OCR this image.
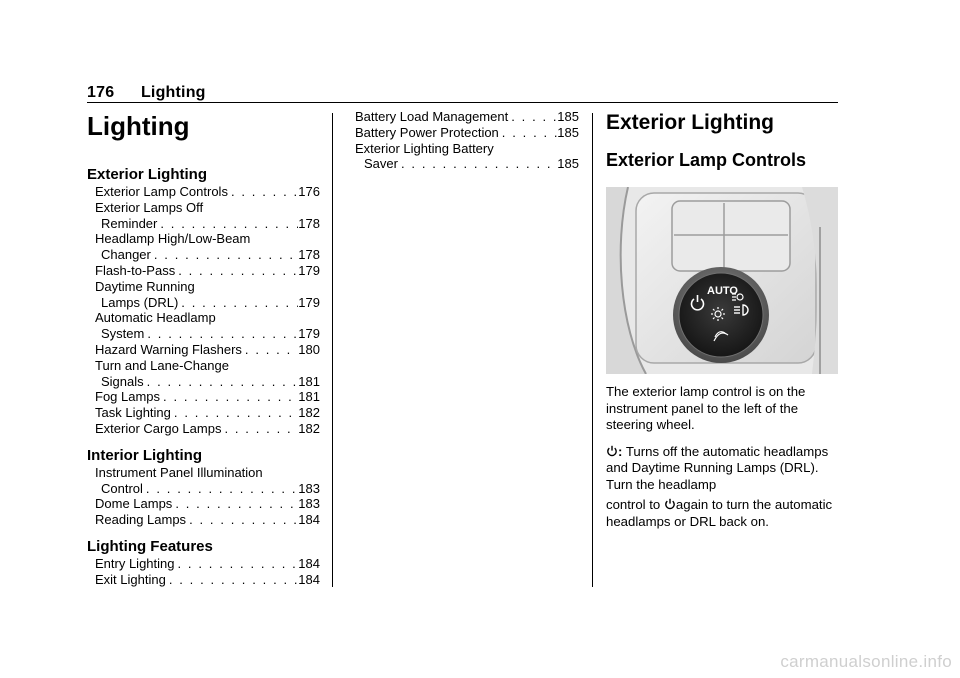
176 Lighting
Lighting
Exterior Lighting
Exterior Lamp Controls . . .	176
Exterior Lamps Off
Reminder . . .	178
Headlamp High/Low-Beam
Changer . . .	178
Flash-to-Pass . . .	179
Daytime Running
Lamps (DRL) . . .	179
Automatic Headlamp
System . . .	179
Hazard Warning Flashers . . .	180
Turn and Lane-Change
Signals . . .	181
Fog Lamps . . .	181
Task Lighting . . .	182
Exterior Cargo Lamps . . .	182
Interior Lighting
Instrument Panel Illumination
Control . . .	183
Dome Lamps . . .	183
Reading Lamps . . .	184
Lighting Features
Entry Lighting . . .	184
Exit Lighting . . .	184
Battery Load Management . . .	185
Battery Power Protection . . .	185
Exterior Lighting Battery
Saver . . .	185
Exterior Lighting
Exterior Lamp Controls
AUTO

The exterior lamp control is on the instrument panel to the left of the steering wheel.

: Turns off the automatic headlamps and Daytime Running Lamps (DRL). Turn the headlamp control to again to turn the automatic headlamps or DRL back on.

carmanualsonline.info
